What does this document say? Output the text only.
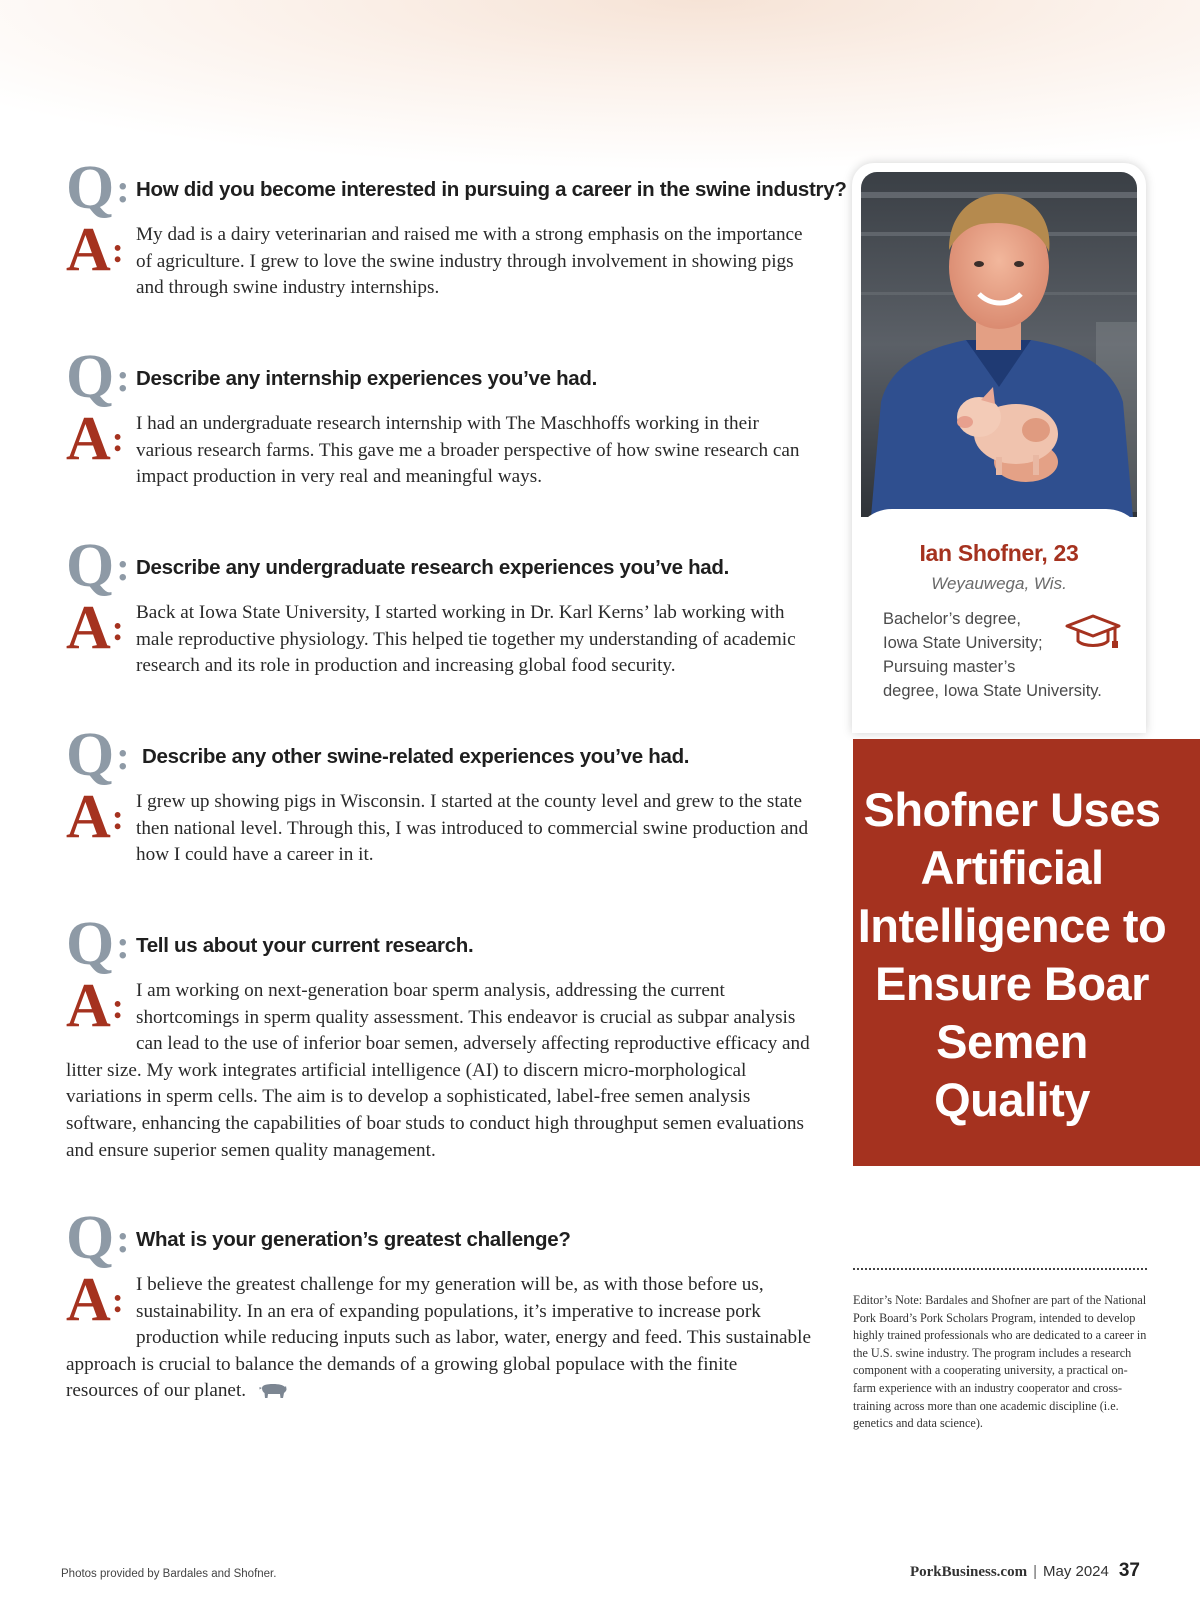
Q: How did you become interested in pursuing a career in the swine industry?
A: My dad is a dairy veterinarian and raised me with a strong emphasis on the importance of agriculture. I grew to love the swine industry through involvement in showing pigs and through swine industry internships.
Q: Describe any internship experiences you’ve had.
A: I had an undergraduate research internship with The Maschhoffs working in their various research farms. This gave me a broader perspective of how swine research can impact production in very real and meaningful ways.
Q: Describe any undergraduate research experiences you’ve had.
A: Back at Iowa State University, I started working in Dr. Karl Kerns’ lab working with male reproductive physiology. This helped tie together my understanding of academic research and its role in production and increasing global food security.
Q: Describe any other swine-related experiences you’ve had.
A: I grew up showing pigs in Wisconsin. I started at the county level and grew to the state then national level. Through this, I was introduced to commercial swine production and how I could have a career in it.
Q: Tell us about your current research.
A: I am working on next-generation boar sperm analysis, addressing the current shortcomings in sperm quality assessment. This endeavor is crucial as subpar analysis can lead to the use of inferior boar semen, adversely affecting reproductive efficacy and litter size. My work integrates artificial intelligence (AI) to discern micro-morphological variations in sperm cells. The aim is to develop a sophisticated, label-free semen analysis software, enhancing the capabilities of boar studs to conduct high throughput semen evaluations and ensure superior semen quality management.
Q: What is your generation’s greatest challenge?
A: I believe the greatest challenge for my generation will be, as with those before us, sustainability. In an era of expanding populations, it’s imperative to increase pork production while reducing inputs such as labor, water, energy and feed. This sustainable approach is crucial to balance the demands of a growing global populace with the finite resources of our planet.
Ian Shofner, 23
Weyauwega, Wis.
Bachelor’s degree,
Iowa State University;
Pursuing master’s
degree, Iowa State University.
Shofner Uses Artificial Intelligence to Ensure Boar Semen Quality
Editor’s Note: Bardales and Shofner are part of the National Pork Board’s Pork Scholars Program, intended to develop highly trained professionals who are dedicated to a career in the U.S. swine industry. The program includes a research component with a cooperating university, a practical on-farm experience with an industry cooperator and cross-training across more than one academic discipline (i.e. genetics and data science).
Photos provided by Bardales and Shofner.	PorkBusiness.com | May 2024 37
